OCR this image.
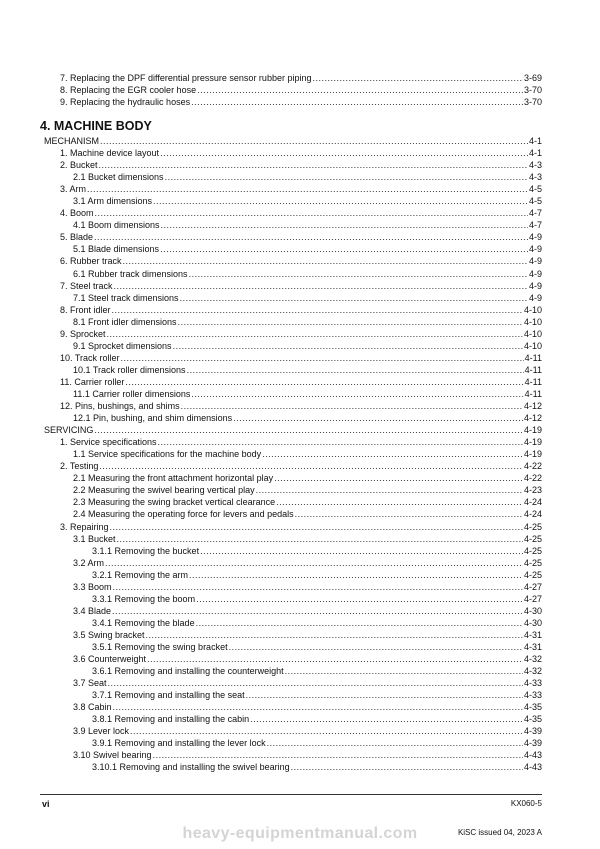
7. Replacing the DPF differential pressure sensor rubber piping .....	3-69
8. Replacing the EGR cooler hose .....	3-70
9. Replacing the hydraulic hoses .....	3-70
4. MACHINE BODY
MECHANISM .....	4-1
1. Machine device layout .....	4-1
2. Bucket .....	4-3
2.1 Bucket dimensions .....	4-3
3. Arm .....	4-5
3.1 Arm dimensions .....	4-5
4. Boom .....	4-7
4.1 Boom dimensions .....	4-7
5. Blade .....	4-9
5.1 Blade dimensions .....	4-9
6. Rubber track .....	4-9
6.1 Rubber track dimensions .....	4-9
7. Steel track .....	4-9
7.1 Steel track dimensions .....	4-9
8. Front idler .....	4-10
8.1 Front idler dimensions .....	4-10
9. Sprocket .....	4-10
9.1 Sprocket dimensions .....	4-10
10. Track roller .....	4-11
10.1 Track roller dimensions .....	4-11
11. Carrier roller .....	4-11
11.1 Carrier roller dimensions .....	4-11
12. Pins, bushings, and shims .....	4-12
12.1 Pin, bushing, and shim dimensions .....	4-12
SERVICING .....	4-19
1. Service specifications .....	4-19
1.1 Service specifications for the machine body .....	4-19
2. Testing .....	4-22
2.1 Measuring the front attachment horizontal play .....	4-22
2.2 Measuring the swivel bearing vertical play .....	4-23
2.3 Measuring the swing bracket vertical clearance .....	4-24
2.4 Measuring the operating force for levers and pedals .....	4-24
3. Repairing .....	4-25
3.1 Bucket .....	4-25
3.1.1 Removing the bucket .....	4-25
3.2 Arm .....	4-25
3.2.1 Removing the arm .....	4-25
3.3 Boom .....	4-27
3.3.1 Removing the boom .....	4-27
3.4 Blade .....	4-30
3.4.1 Removing the blade .....	4-30
3.5 Swing bracket .....	4-31
3.5.1 Removing the swing bracket .....	4-31
3.6 Counterweight .....	4-32
3.6.1 Removing and installing the counterweight .....	4-32
3.7 Seat .....	4-33
3.7.1 Removing and installing the seat .....	4-33
3.8 Cabin .....	4-35
3.8.1 Removing and installing the cabin .....	4-35
3.9 Lever lock .....	4-39
3.9.1 Removing and installing the lever lock .....	4-39
3.10 Swivel bearing .....	4-43
3.10.1 Removing and installing the swivel bearing .....	4-43
vi	KX060-5
heavy-equipmentmanual.com	KiSC issued 04, 2023 A
